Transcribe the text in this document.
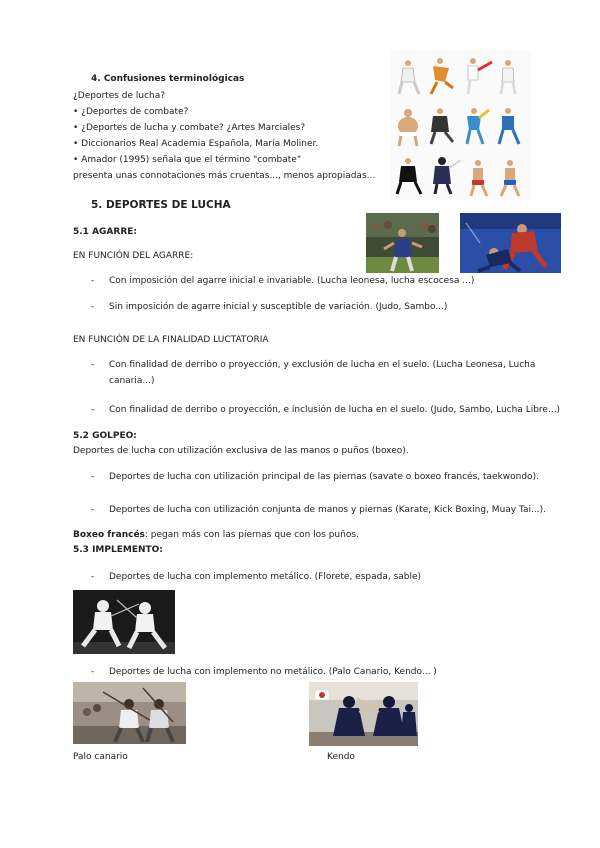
4. Confusiones terminológicas
¿Deportes de lucha?
• ¿Deportes de combate?
• ¿Deportes de lucha y combate? ¿Artes Marciales?
• Diccionarios Real Academia Española, María Moliner.
• Amador (1995) señala que el término "combate"
presenta unas connotaciones más cruentas..., menos apropiadas...
5. DEPORTES DE LUCHA
5.1 AGARRE:
EN FUNCIÓN DEL AGARRE:
- Con imposición del agarre inicial e invariable. (Lucha leonesa, lucha escocesa ...)
- Sin imposición de agarre inicial y susceptible de variación. (Judo, Sambo...)
EN FUNCIÓN DE LA FINALIDAD LUCTATORIA
- Con finalidad de derribo o proyección, y exclusión de lucha en el suelo. (Lucha Leonesa, Lucha
canaria...)
- Con finalidad de derribo o proyección, e inclusión de lucha en el suelo. (Judo, Sambo, Lucha Libre...)
5.2 GOLPEO:
Deportes de lucha con utilización exclusiva de las manos o puños (boxeo).
- Deportes de lucha con utilización principal de las piernas (savate o boxeo francés, taekwondo).
- Deportes de lucha con utilización conjunta de manos y piernas (Karate, Kick Boxing, Muay Tai...).
Boxeo francés: pegan más con las piernas que con los puños.
5.3 IMPLEMENTO:
- Deportes de lucha con implemento metálico. (Florete, espada, sable)
- Deportes de lucha con implemento no metálico. (Palo Canario, Kendo... )
Palo canario	Kendo
